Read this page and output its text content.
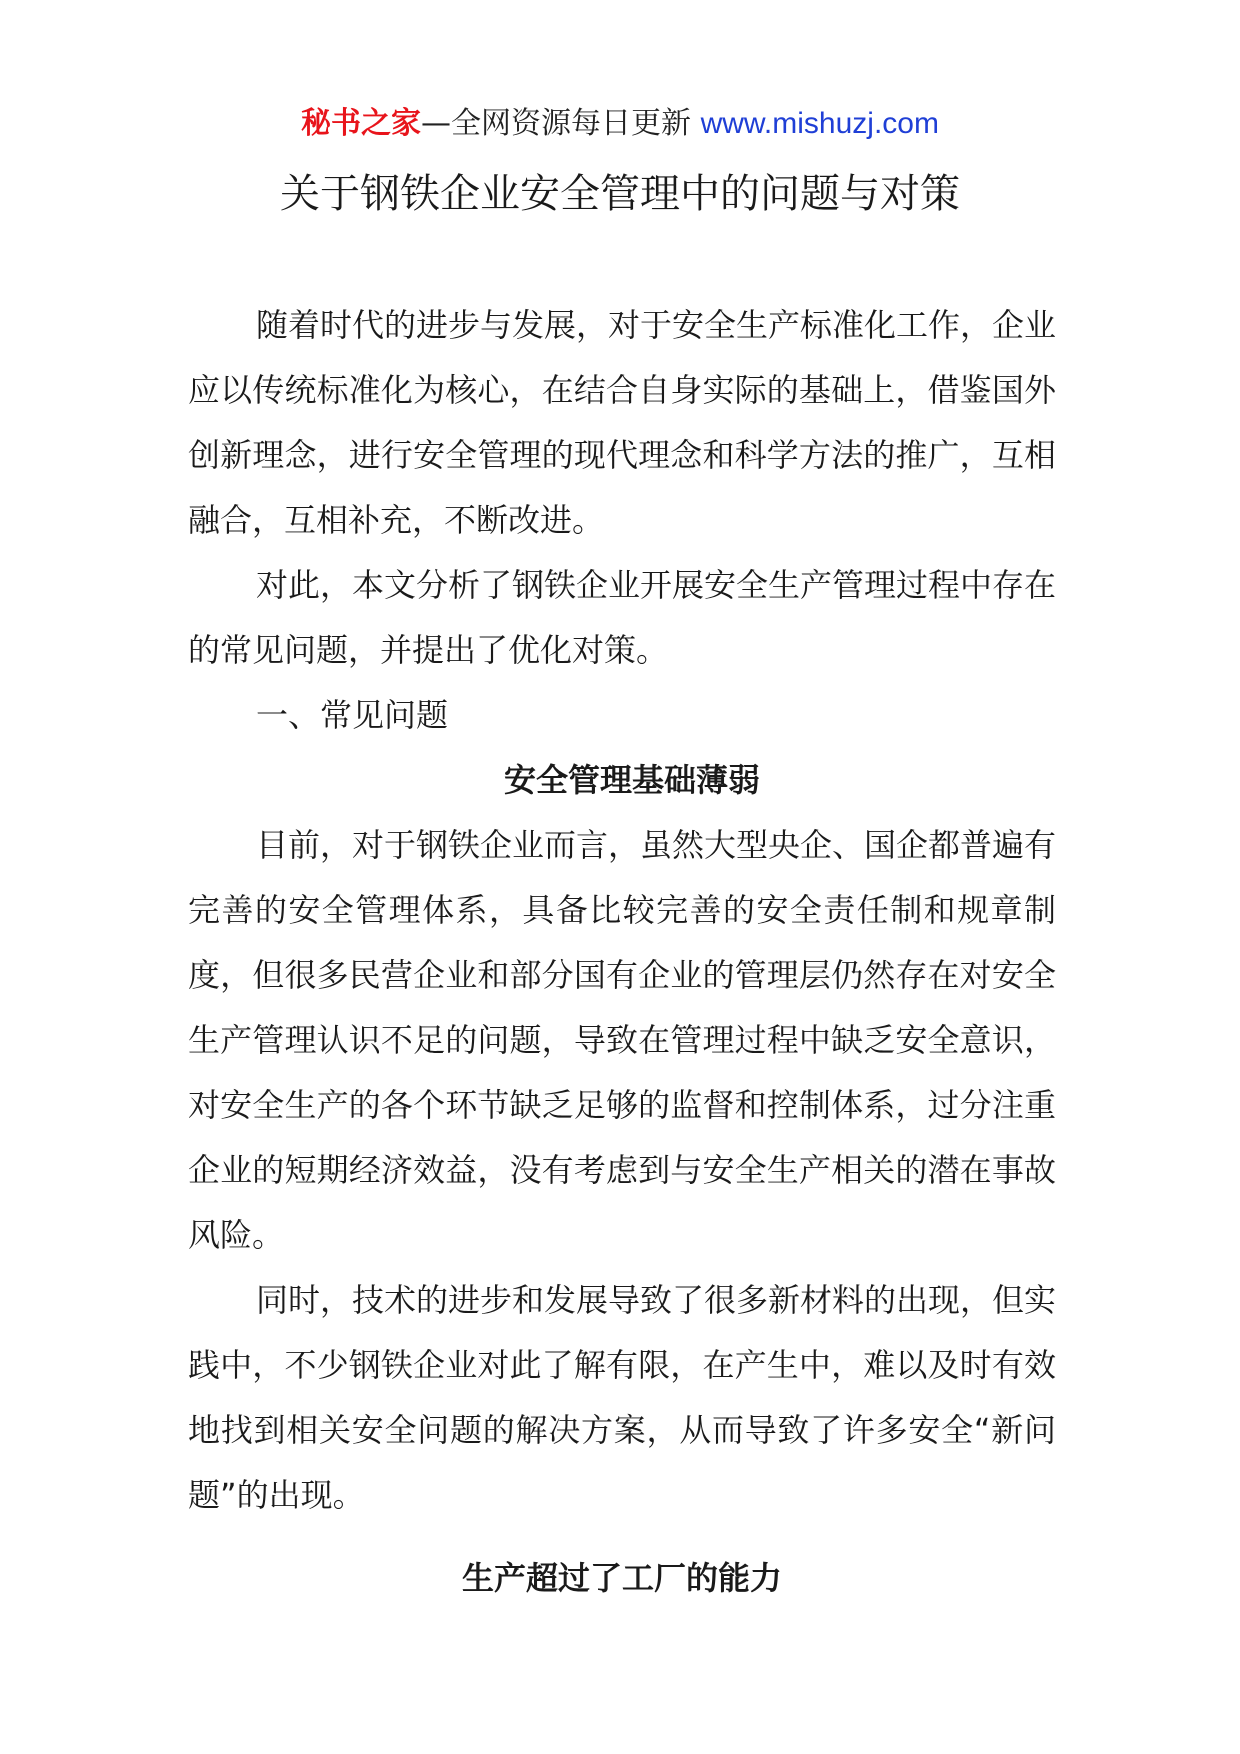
秘书之家—全网资源每日更新 www.mishuzj.com
关于钢铁企业安全管理中的问题与对策

随着时代的进步与发展，对于安全生产标准化工作，企业应以传统标准化为核心，在结合自身实际的基础上，借鉴国外创新理念，进行安全管理的现代理念和科学方法的推广，互相融合，互相补充，不断改进。

对此，本文分析了钢铁企业开展安全生产管理过程中存在的常见问题，并提出了优化对策。

一、常见问题

安全管理基础薄弱

目前，对于钢铁企业而言，虽然大型央企、国企都普遍有完善的安全管理体系，具备比较完善的安全责任制和规章制度，但很多民营企业和部分国有企业的管理层仍然存在对安全生产管理认识不足的问题，导致在管理过程中缺乏安全意识，对安全生产的各个环节缺乏足够的监督和控制体系，过分注重企业的短期经济效益，没有考虑到与安全生产相关的潜在事故风险。

同时，技术的进步和发展导致了很多新材料的出现，但实践中，不少钢铁企业对此了解有限，在产生中，难以及时有效地找到相关安全问题的解决方案，从而导致了许多安全“新问题”的出现。

生产超过了工厂的能力
